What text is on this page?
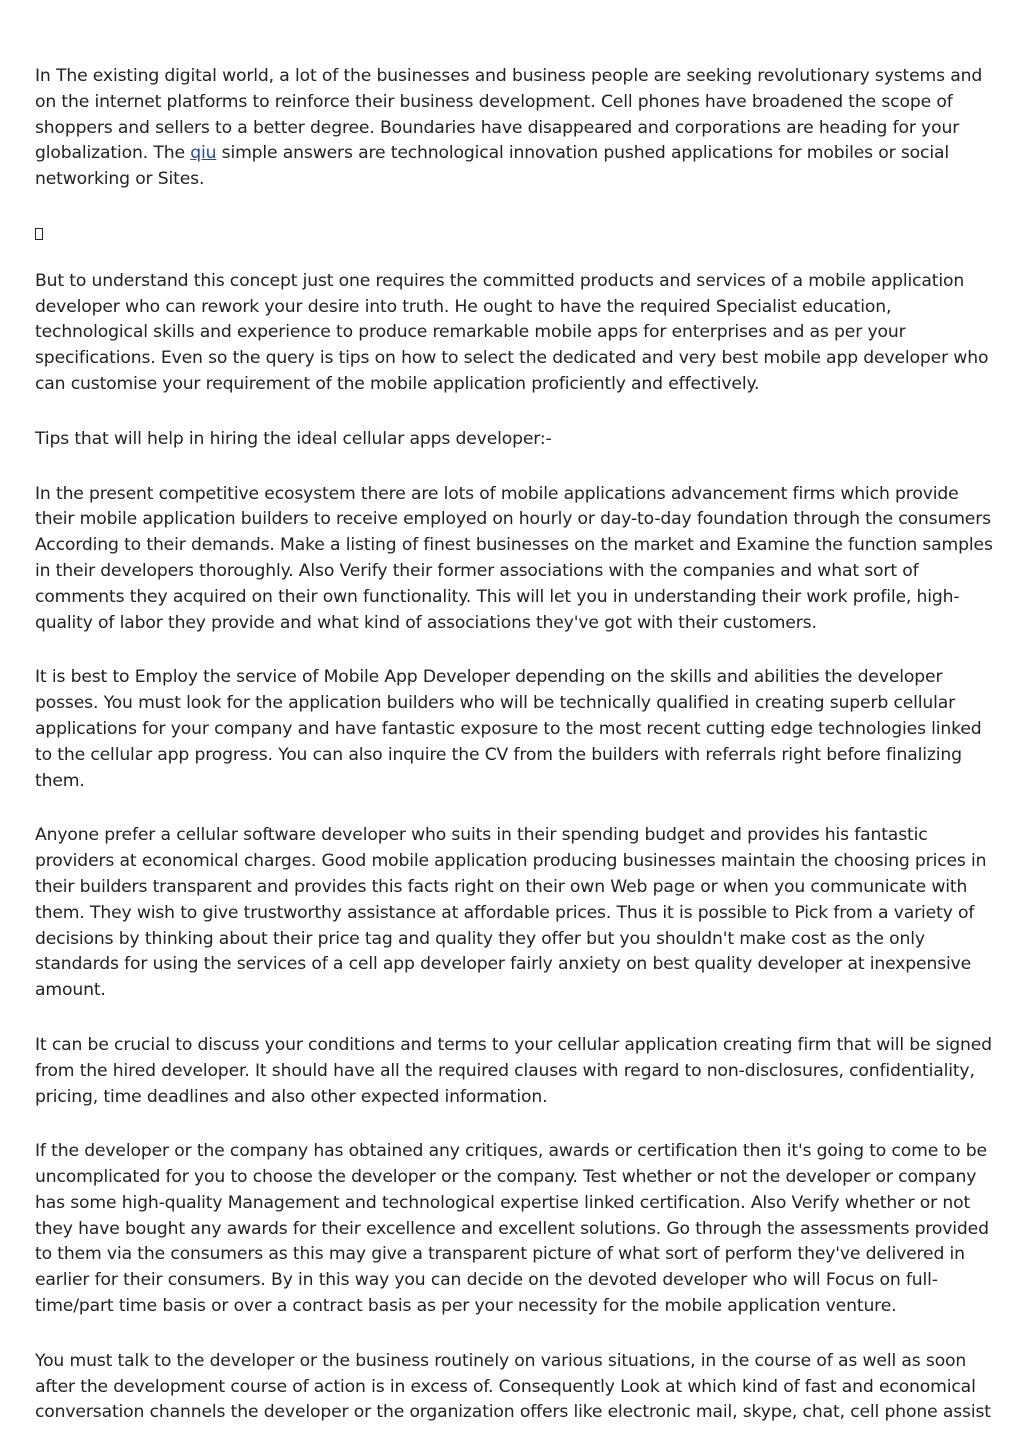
In The existing digital world, a lot of the businesses and business people are seeking revolutionary systems and on the internet platforms to reinforce their business development. Cell phones have broadened the scope of shoppers and sellers to a better degree. Boundaries have disappeared and corporations are heading for your globalization. The qiu simple answers are technological innovation pushed applications for mobiles or social networking or Sites.

But to understand this concept just one requires the committed products and services of a mobile application developer who can rework your desire into truth. He ought to have the required Specialist education, technological skills and experience to produce remarkable mobile apps for enterprises and as per your specifications. Even so the query is tips on how to select the dedicated and very best mobile app developer who can customise your requirement of the mobile application proficiently and effectively.

Tips that will help in hiring the ideal cellular apps developer:-

In the present competitive ecosystem there are lots of mobile applications advancement firms which provide their mobile application builders to receive employed on hourly or day-to-day foundation through the consumers According to their demands. Make a listing of finest businesses on the market and Examine the function samples in their developers thoroughly. Also Verify their former associations with the companies and what sort of comments they acquired on their own functionality. This will let you in understanding their work profile, high-quality of labor they provide and what kind of associations they've got with their customers.

It is best to Employ the service of Mobile App Developer depending on the skills and abilities the developer posses. You must look for the application builders who will be technically qualified in creating superb cellular applications for your company and have fantastic exposure to the most recent cutting edge technologies linked to the cellular app progress. You can also inquire the CV from the builders with referrals right before finalizing them.

Anyone prefer a cellular software developer who suits in their spending budget and provides his fantastic providers at economical charges. Good mobile application producing businesses maintain the choosing prices in their builders transparent and provides this facts right on their own Web page or when you communicate with them. They wish to give trustworthy assistance at affordable prices. Thus it is possible to Pick from a variety of decisions by thinking about their price tag and quality they offer but you shouldn't make cost as the only standards for using the services of a cell app developer fairly anxiety on best quality developer at inexpensive amount.

It can be crucial to discuss your conditions and terms to your cellular application creating firm that will be signed from the hired developer. It should have all the required clauses with regard to non-disclosures, confidentiality, pricing, time deadlines and also other expected information.

If the developer or the company has obtained any critiques, awards or certification then it's going to come to be uncomplicated for you to choose the developer or the company. Test whether or not the developer or company has some high-quality Management and technological expertise linked certification. Also Verify whether or not they have bought any awards for their excellence and excellent solutions. Go through the assessments provided to them via the consumers as this may give a transparent picture of what sort of perform they've delivered in earlier for their consumers. By in this way you can decide on the devoted developer who will Focus on full-time/part time basis or over a contract basis as per your necessity for the mobile application venture.

You must talk to the developer or the business routinely on various situations, in the course of as well as soon after the development course of action is in excess of. Consequently Look at which kind of fast and economical conversation channels the developer or the organization offers like electronic mail, skype, chat, cell phone assist
